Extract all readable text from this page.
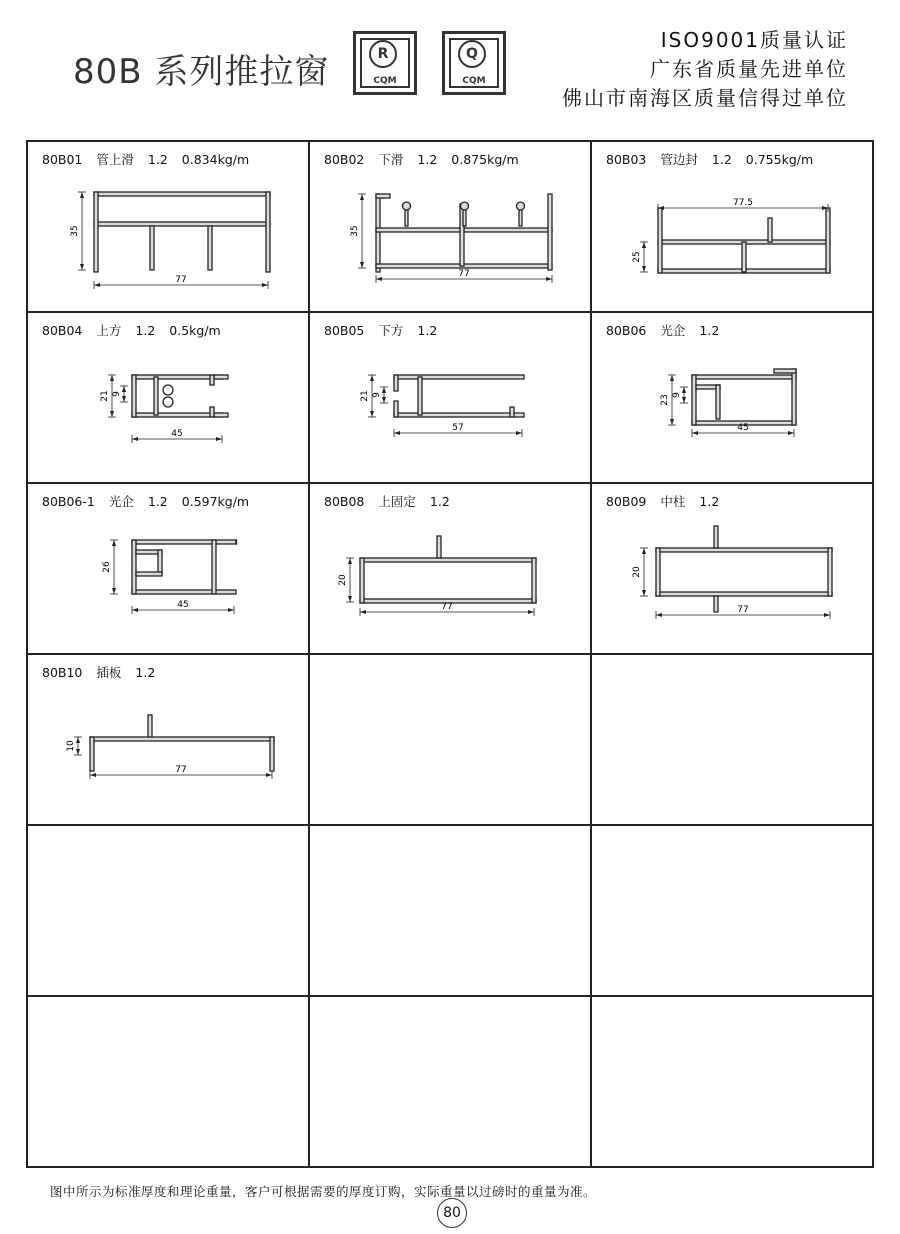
80B 系列推拉窗	R
CQM
Q
CQM
ISO9001质量认证
广东省质量先进单位
佛山市南海区质量信得过单位
80B01 管上滑 1.2 0.834kg/m
35
77
80B02 下滑 1.2 0.875kg/m
35
77
80B03 管边封 1.2 0.755kg/m
77.5
25
80B04 上方 1.2 0.5kg/m
21 9
45
80B05 下方 1.2
21 9
57
80B06 光企 1.2
23 9
45
80B06-1 光企 1.2 0.597kg/m
26
45
80B08 上固定 1.2
20
77
80B09 中柱 1.2
20
77
80B10 插板 1.2
10
77
图中所示为标准厚度和理论重量，客户可根据需要的厚度订购，实际重量以过磅时的重量为准。
80
